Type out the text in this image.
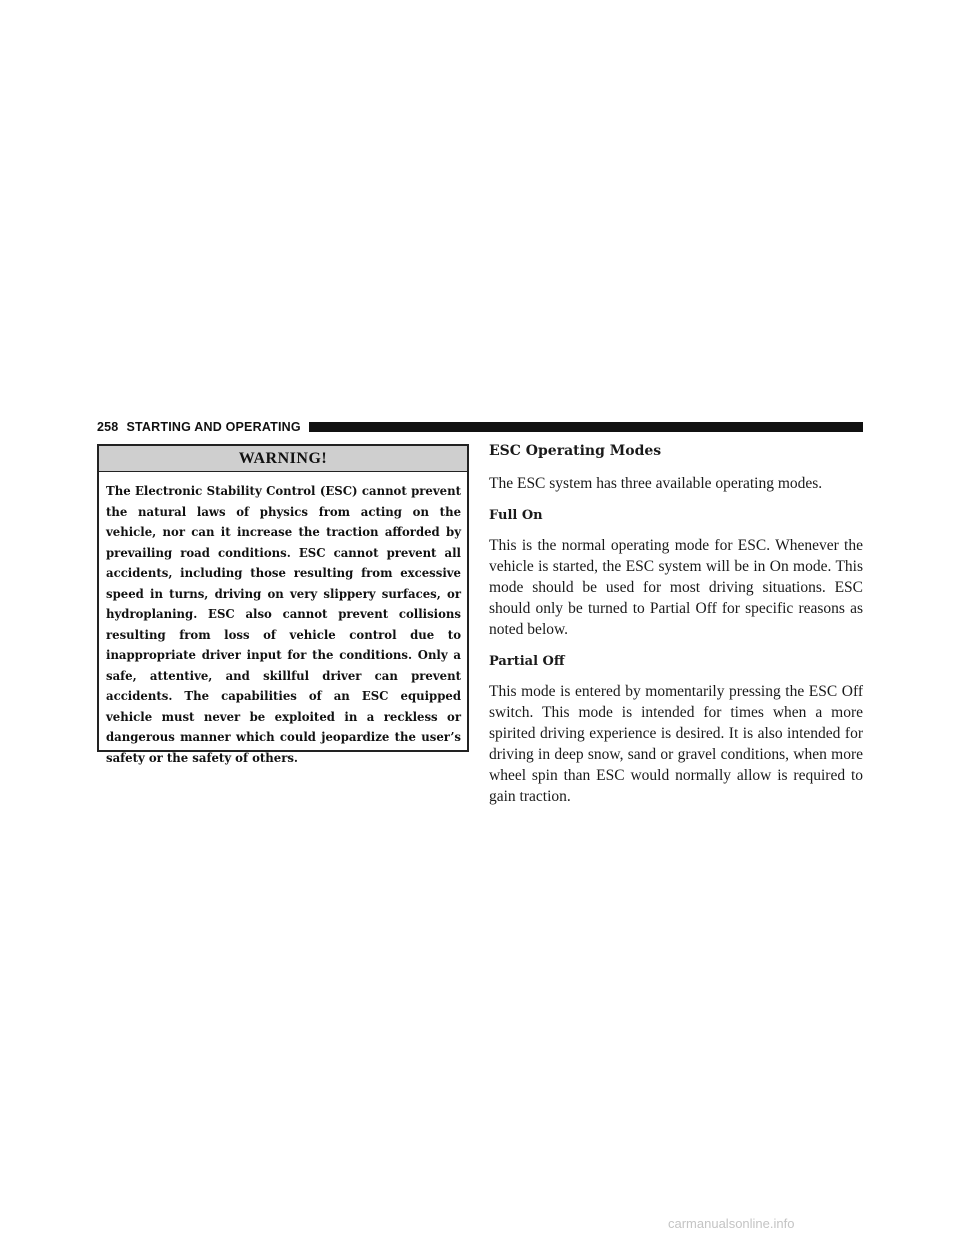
258 STARTING AND OPERATING
WARNING!

The Electronic Stability Control (ESC) cannot prevent the natural laws of physics from acting on the vehicle, nor can it increase the traction afforded by prevailing road conditions. ESC cannot prevent all accidents, including those resulting from excessive speed in turns, driving on very slippery surfaces, or hydroplaning. ESC also cannot prevent collisions resulting from loss of vehicle control due to inappropriate driver input for the conditions. Only a safe, attentive, and skillful driver can prevent accidents. The capabilities of an ESC equipped vehicle must never be exploited in a reckless or dangerous manner which could jeopardize the user’s safety or the safety of others.

ESC Operating Modes

The ESC system has three available operating modes.

Full On

This is the normal operating mode for ESC. Whenever the vehicle is started, the ESC system will be in On mode. This mode should be used for most driving situations. ESC should only be turned to Partial Off for specific reasons as noted below.

Partial Off

This mode is entered by momentarily pressing the ESC Off switch. This mode is intended for times when a more spirited driving experience is desired. It is also intended for driving in deep snow, sand or gravel conditions, when more wheel spin than ESC would normally allow is required to gain traction.

carmanualsonline.info
